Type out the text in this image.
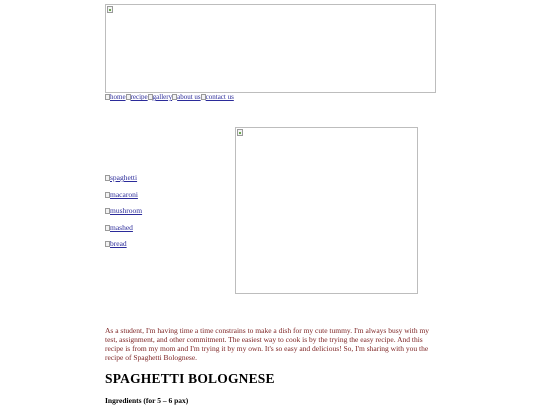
home recipe gallery about us contact us
spaghetti
macaroni
mushroom
mashed
bread

As a student, I'm having time a time constrains to make a dish for my cute tummy. I'm always busy with my test, assignment, and other commitment. The easiest way to cook is by the trying the easy recipe. And this recipe is from my mom and I'm trying it by my own. It's so easy and delicious! So, I'm sharing with you the recipe of Spaghetti Bolognese.

SPAGHETTI BOLOGNESE

Ingredients (for 5 – 6 pax)
